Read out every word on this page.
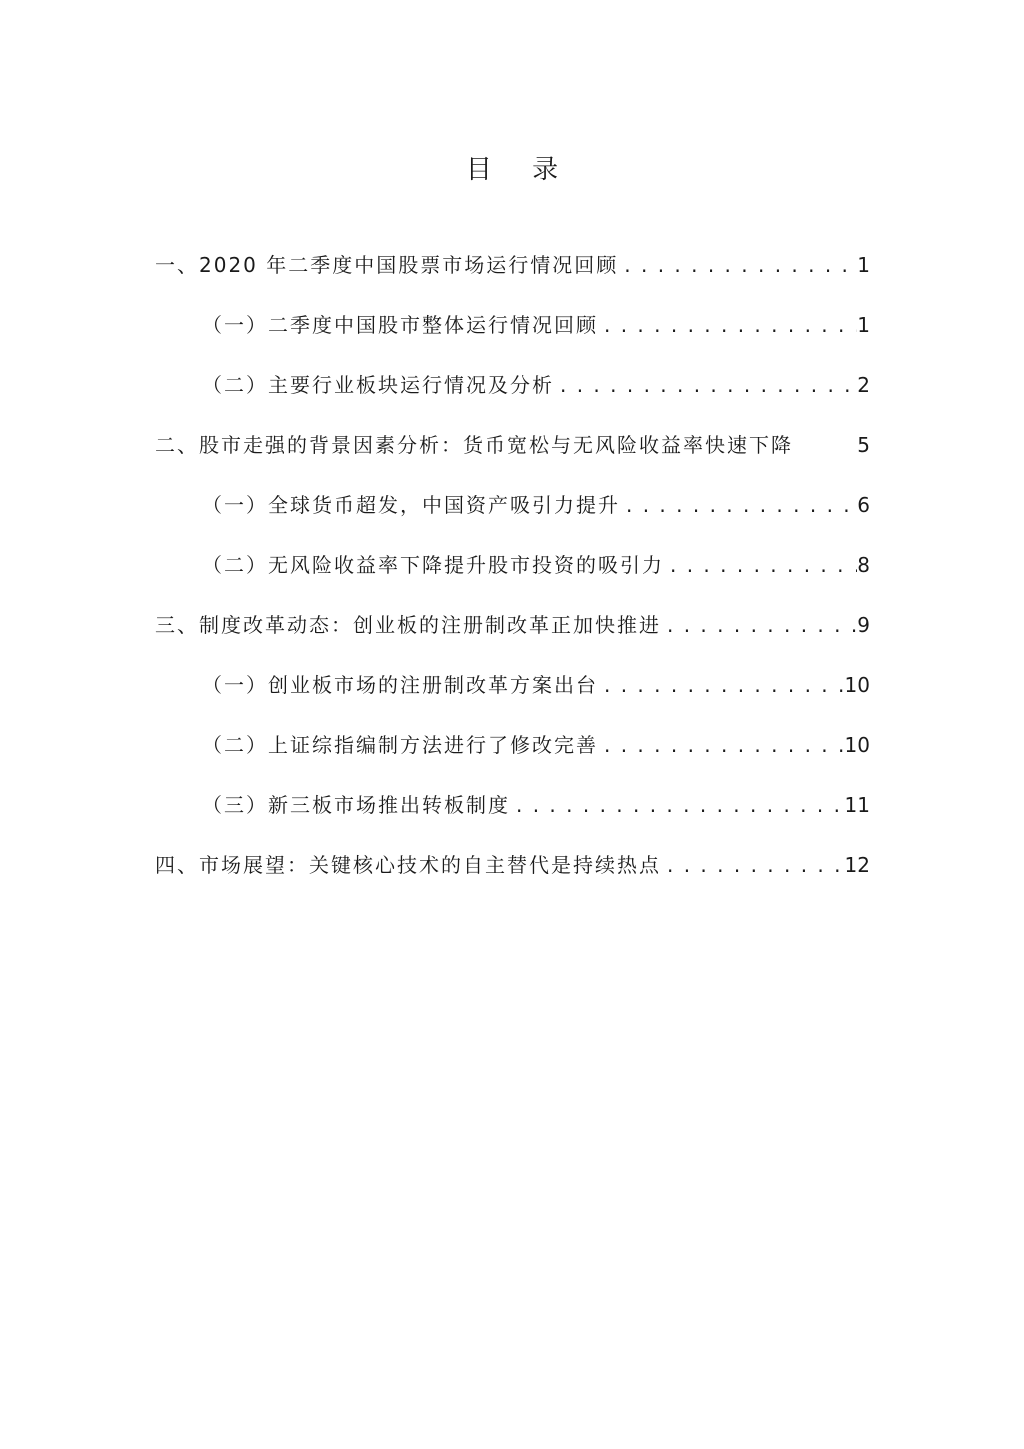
目 录
一、2020 年二季度中国股票市场运行情况回顾 . . .	1
（一）二季度中国股市整体运行情况回顾 . . .	1
（二）主要行业板块运行情况及分析 . . .	2
二、股市走强的背景因素分析：货币宽松与无风险收益率快速下降	5
（一）全球货币超发，中国资产吸引力提升 . . .	6
（二）无风险收益率下降提升股市投资的吸引力 . . .	8
三、制度改革动态：创业板的注册制改革正加快推进 . . .	9
（一）创业板市场的注册制改革方案出台 . . .	10
（二）上证综指编制方法进行了修改完善 . . .	10
（三）新三板市场推出转板制度 . . .	11
四、市场展望：关键核心技术的自主替代是持续热点 . . .	12
